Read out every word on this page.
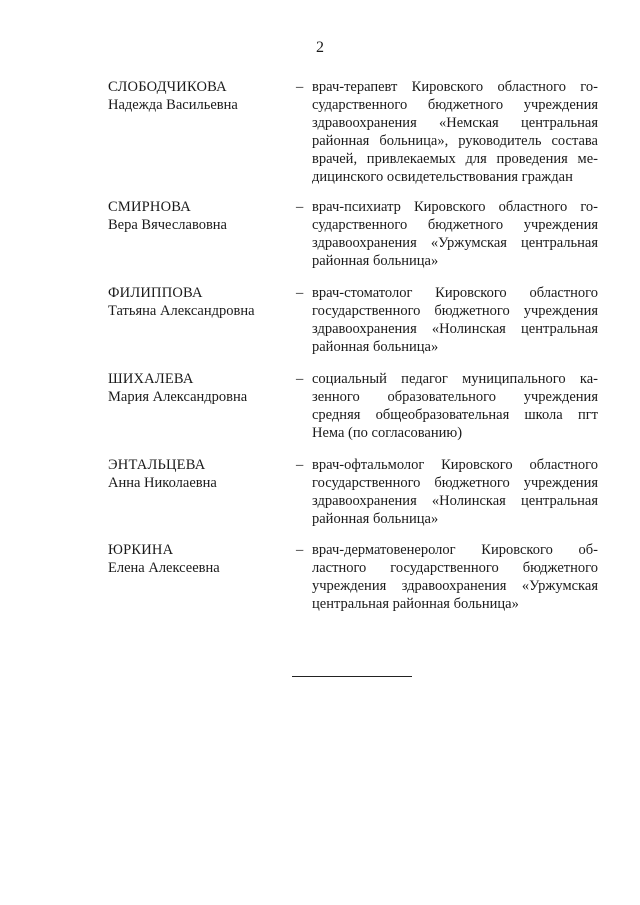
2
СЛОБОДЧИКОВА
Надежда Васильевна
– врач-терапевт Кировского областного государственного бюджетного учреждения здравоохранения «Немская центральная районная больница», руководитель состава врачей, привлекаемых для проведения медицинского освидетельствования граждан
СМИРНОВА
Вера Вячеславовна
– врач-психиатр Кировского областного государственного бюджетного учреждения здравоохранения «Уржумская центральная районная больница»
ФИЛИППОВА
Татьяна Александровна
– врач-стоматолог Кировского областного государственного бюджетного учреждения здравоохранения «Нолинская центральная районная больница»
ШИХАЛЕВА
Мария Александровна
– социальный педагог муниципального казенного образовательного учреждения средняя общеобразовательная школа пгт Нема (по согласованию)
ЭНТАЛЬЦЕВА
Анна Николаевна
– врач-офтальмолог Кировского областного государственного бюджетного учреждения здравоохранения «Нолинская центральная районная больница»
ЮРКИНА
Елена Алексеевна
– врач-дерматовенеролог Кировского областного государственного бюджетного учреждения здравоохранения «Уржумская центральная районная больница»
